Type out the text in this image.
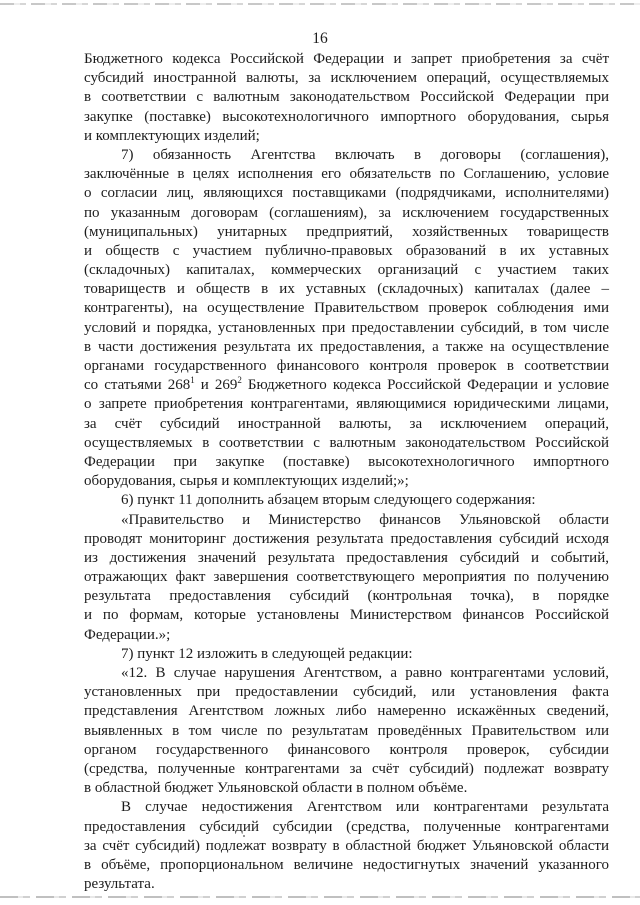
16
Бюджетного кодекса Российской Федерации и запрет приобретения за счёт
субсидий иностранной валюты, за исключением операций, осуществляемых
в соответствии с валютным законодательством Российской Федерации при
закупке (поставке) высокотехнологичного импортного оборудования, сырья
и комплектующих изделий;
7) обязанность Агентства включать в договоры (соглашения),
заключённые в целях исполнения его обязательств по Соглашению, условие
о согласии лиц, являющихся поставщиками (подрядчиками, исполнителями)
по указанным договорам (соглашениям), за исключением государственных
(муниципальных) унитарных предприятий, хозяйственных товариществ
и обществ с участием публично-правовых образований в их уставных
(складочных) капиталах, коммерческих организаций с участием таких
товариществ и обществ в их уставных (складочных) капиталах (далее –
контрагенты), на осуществление Правительством проверок соблюдения ими
условий и порядка, установленных при предоставлении субсидий, в том числе
в части достижения результата их предоставления, а также на осуществление
органами государственного финансового контроля проверок в соответствии
со статьями $268^1$ и $269^2$ Бюджетного кодекса Российской Федерации и условие
о запрете приобретения контрагентами, являющимися юридическими лицами,
за счёт субсидий иностранной валюты, за исключением операций,
осуществляемых в соответствии с валютным законодательством Российской
Федерации при закупке (поставке) высокотехнологичного импортного
оборудования, сырья и комплектующих изделий;»;
6) пункт 11 дополнить абзацем вторым следующего содержания:
«Правительство и Министерство финансов Ульяновской области
проводят мониторинг достижения результата предоставления субсидий исходя
из достижения значений результата предоставления субсидий и событий,
отражающих факт завершения соответствующего мероприятия по получению
результата предоставления субсидий (контрольная точка), в порядке
и по формам, которые установлены Министерством финансов Российской
Федерации.»;
7) пункт 12 изложить в следующей редакции:
«12. В случае нарушения Агентством, а равно контрагентами условий,
установленных при предоставлении субсидий, или установления факта
представления Агентством ложных либо намеренно искажённых сведений,
выявленных в том числе по результатам проведённых Правительством или
органом государственного финансового контроля проверок, субсидии
(средства, полученные контрагентами за счёт субсидий) подлежат возврату
в областной бюджет Ульяновской области в полном объёме.
В случае недостижения Агентством или контрагентами результата
предоставления субсидий субсидии (средства, полученные контрагентами
за счёт субсидий) подлежат возврату в областной бюджет Ульяновской области
в объёме, пропорциональном величине недостигнутых значений указанного
результата.
